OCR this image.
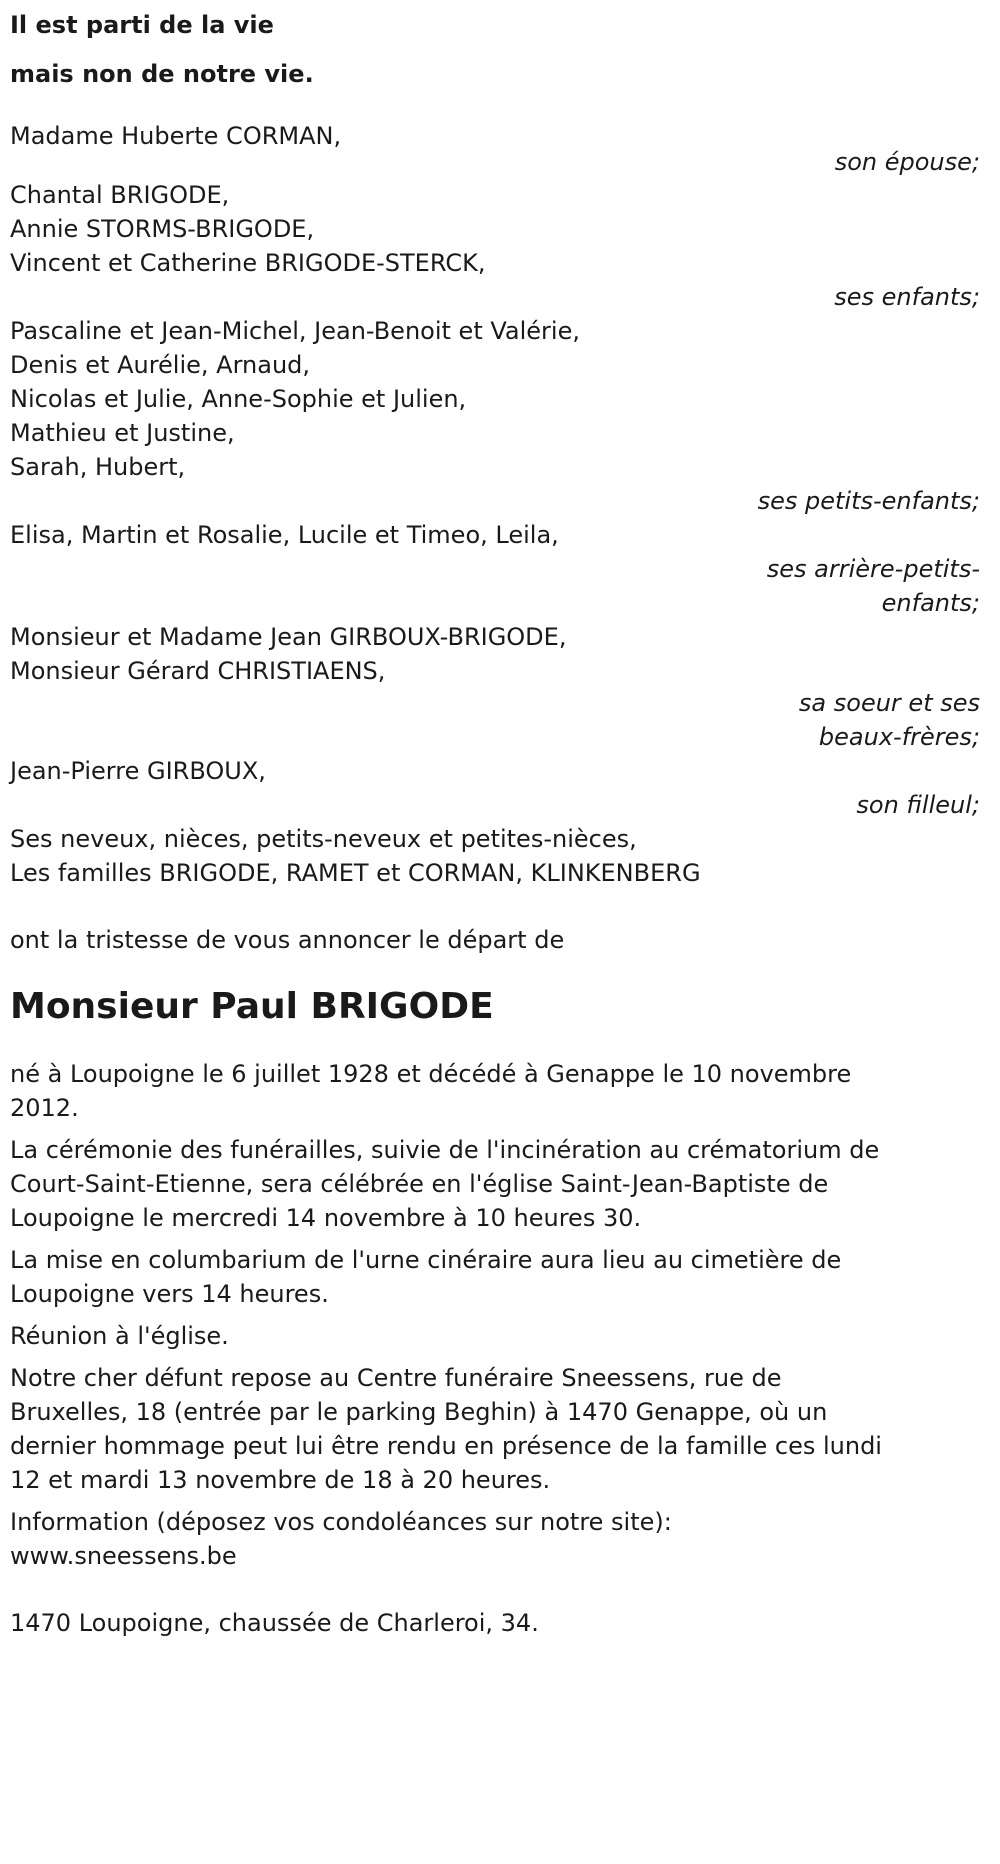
Il est parti de la vie

mais non de notre vie.

Madame Huberte CORMAN,

son épouse;

Chantal BRIGODE,

Annie STORMS-BRIGODE,

Vincent et Catherine BRIGODE-STERCK,

ses enfants;

Pascaline et Jean-Michel, Jean-Benoit et Valérie,

Denis et Aurélie, Arnaud,

Nicolas et Julie, Anne-Sophie et Julien,

Mathieu et Justine,

Sarah, Hubert,

ses petits-enfants;

Elisa, Martin et Rosalie, Lucile et Timeo, Leila,

ses arrière-petits-

enfants;

Monsieur et Madame Jean GIRBOUX-BRIGODE,

Monsieur Gérard CHRISTIAENS,

sa soeur et ses

beaux-frères;

Jean-Pierre GIRBOUX,

son filleul;

Ses neveux, nièces, petits-neveux et petites-nièces,

Les familles BRIGODE, RAMET et CORMAN, KLINKENBERG

ont la tristesse de vous annoncer le départ de

Monsieur Paul BRIGODE

né à Loupoigne le 6 juillet 1928 et décédé à Genappe le 10 novembre

2012.

La cérémonie des funérailles, suivie de l'incinération au crématorium de

Court-Saint-Etienne, sera célébrée en l'église Saint-Jean-Baptiste de

Loupoigne le mercredi 14 novembre à 10 heures 30.

La mise en columbarium de l'urne cinéraire aura lieu au cimetière de

Loupoigne vers 14 heures.

Réunion à l'église.

Notre cher défunt repose au Centre funéraire Sneessens, rue de

Bruxelles, 18 (entrée par le parking Beghin) à 1470 Genappe, où un

dernier hommage peut lui être rendu en présence de la famille ces lundi

12 et mardi 13 novembre de 18 à 20 heures.

Information (déposez vos condoléances sur notre site):

www.sneessens.be

1470 Loupoigne, chaussée de Charleroi, 34.
